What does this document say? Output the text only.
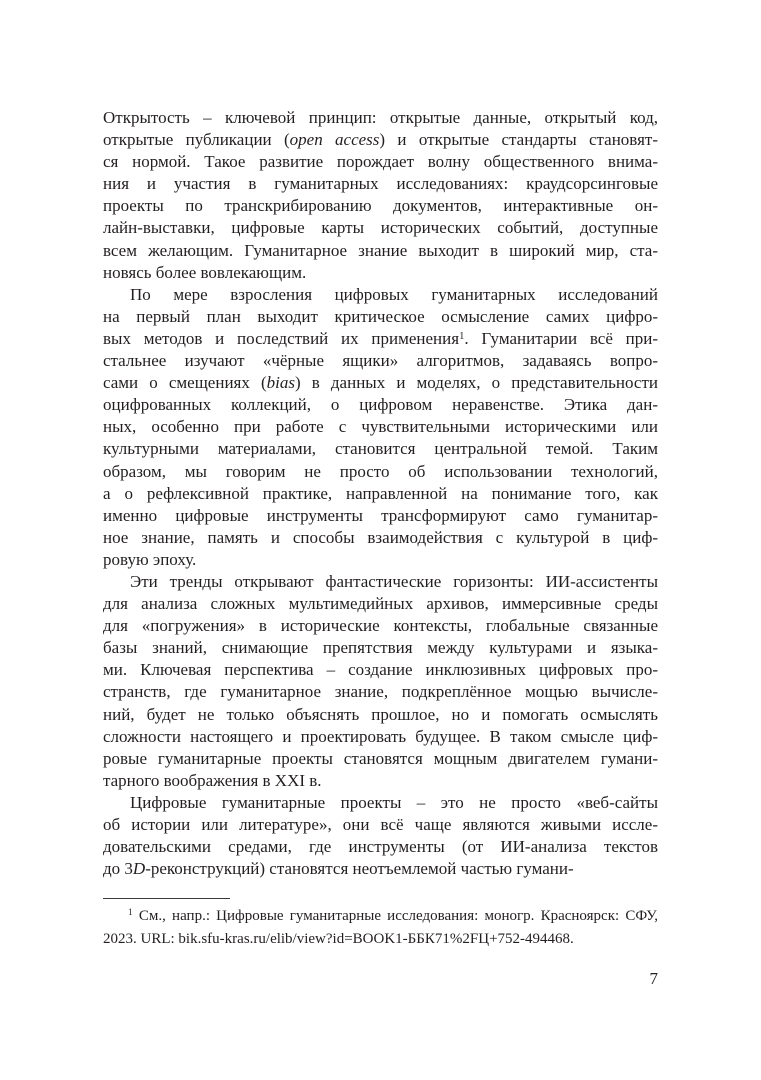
Открытость – ключевой принцип: открытые данные, открытый код,
открытые публикации (open access) и открытые стандарты становят-
ся нормой. Такое развитие порождает волну общественного внима-
ния и участия в гуманитарных исследованиях: краудсорсинговые
проекты по транскрибированию документов, интерактивные он-
лайн-выставки, цифровые карты исторических событий, доступные
всем желающим. Гуманитарное знание выходит в широкий мир, ста-
новясь более вовлекающим.
По мере взросления цифровых гуманитарных исследований
на первый план выходит критическое осмысление самих цифро-
вых методов и последствий их применения$^1$. Гуманитарии всё при-
стальнее изучают «чёрные ящики» алгоритмов, задаваясь вопро-
сами о смещениях (bias) в данных и моделях, о представительности
оцифрованных коллекций, о цифровом неравенстве. Этика дан-
ных, особенно при работе с чувствительными историческими или
культурными материалами, становится центральной темой. Таким
образом, мы говорим не просто об использовании технологий,
а о рефлексивной практике, направленной на понимание того, как
именно цифровые инструменты трансформируют само гуманитар-
ное знание, память и способы взаимодействия с культурой в циф-
ровую эпоху.
Эти тренды открывают фантастические горизонты: ИИ-ассистенты
для анализа сложных мультимедийных архивов, иммерсивные среды
для «погружения» в исторические контексты, глобальные связанные
базы знаний, снимающие препятствия между культурами и языка-
ми. Ключевая перспектива – создание инклюзивных цифровых про-
странств, где гуманитарное знание, подкреплённое мощью вычисле-
ний, будет не только объяснять прошлое, но и помогать осмыслять
сложности настоящего и проектировать будущее. В таком смысле циф-
ровые гуманитарные проекты становятся мощным двигателем гумани-
тарного воображения в XXI в.
Цифровые гуманитарные проекты – это не просто «веб-сайты
об истории или литературе», они всё чаще являются живыми иссле-
довательскими средами, где инструменты (от ИИ-анализа текстов
до 3D-реконструкций) становятся неотъемлемой частью гумани-
$^1$ См., напр.: Цифровые гуманитарные исследования: моногр. Красноярск: СФУ,
2023. URL: bik.sfu-kras.ru/elib/view?id=BOOK1-ББК71%2FЦ+752-494468.
7
